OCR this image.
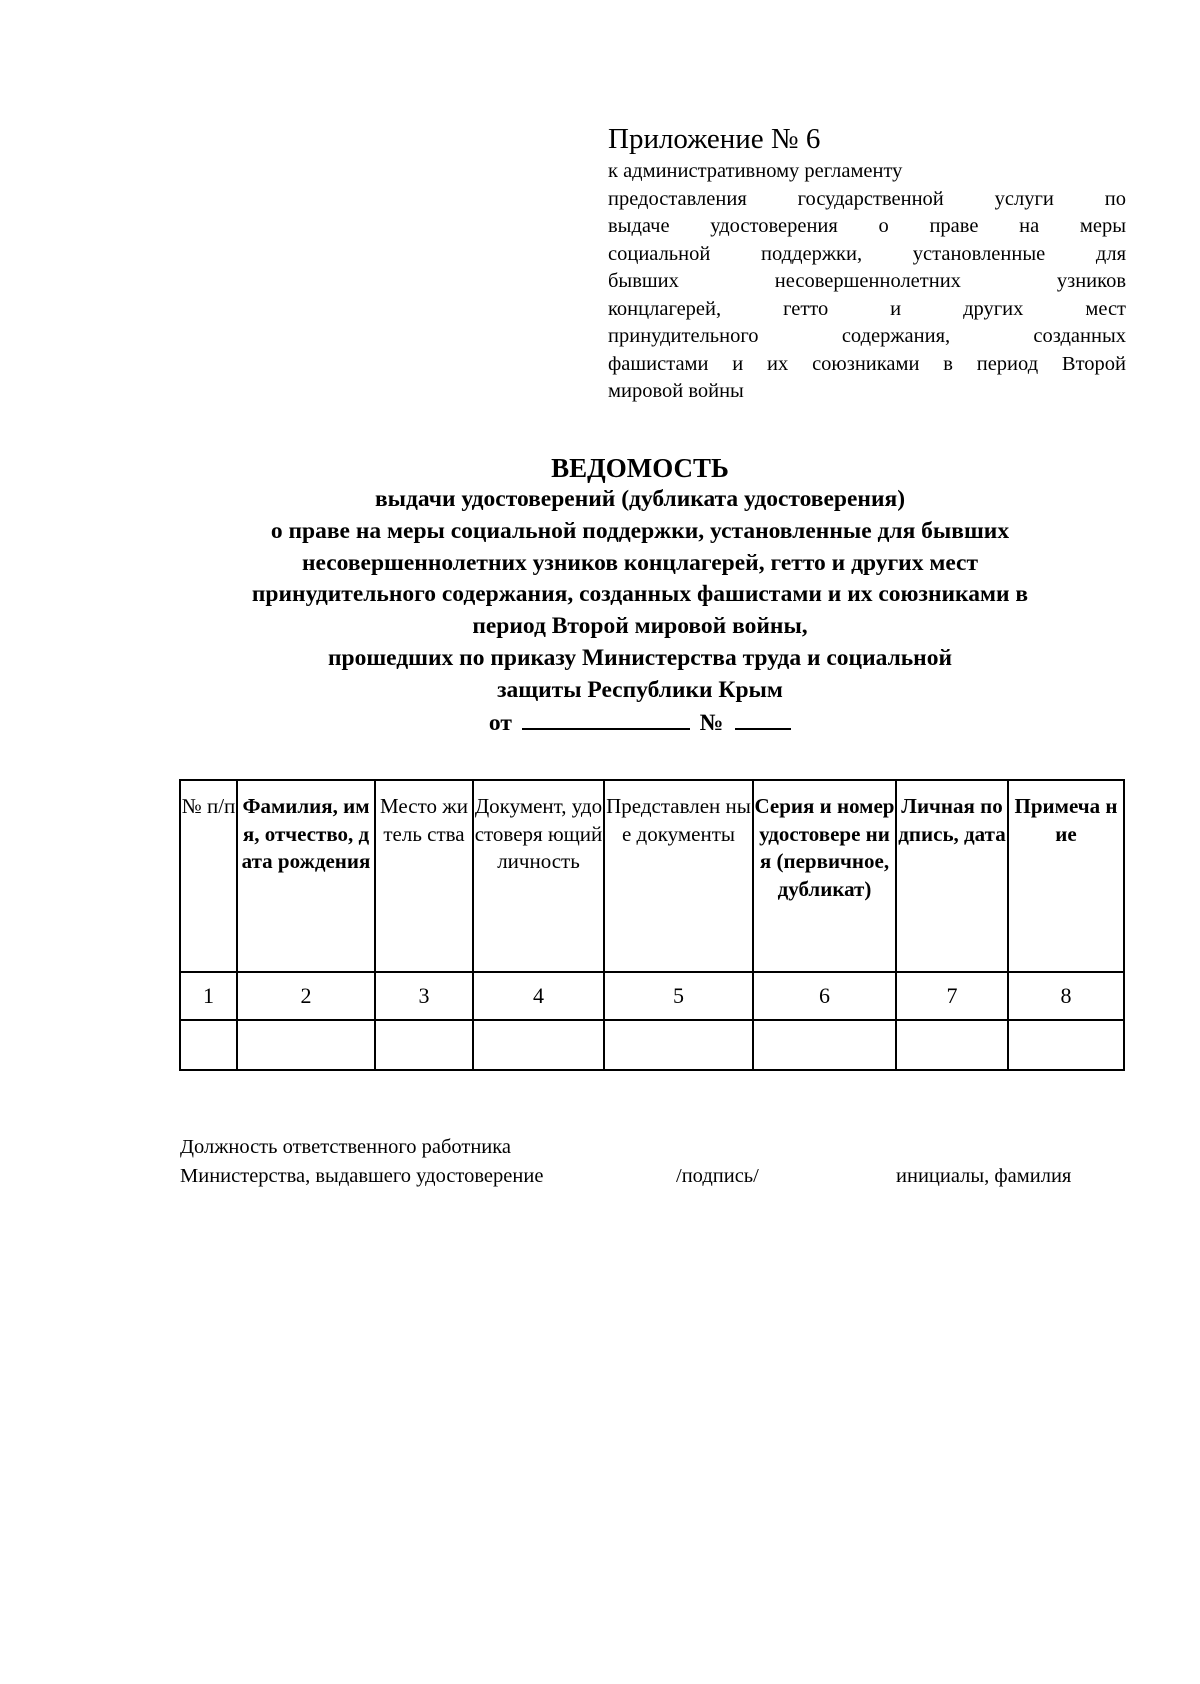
Приложение № 6
к административному регламенту
предоставления государственной услуги по
выдаче удостоверения о праве на меры
социальной поддержки, установленные для
бывших несовершеннолетних узников
концлагерей, гетто и других мест
принудительного содержания, созданных
фашистами и их союзниками в период Второй
мировой войны
ВЕДОМОСТЬ
выдачи удостоверений (дубликата удостоверения)
о праве на меры социальной поддержки, установленные для бывших
несовершеннолетних узников концлагерей, гетто и других мест
принудительного содержания, созданных фашистами и их союзниками в
период Второй мировой войны,
прошедших по приказу Министерства труда и социальной
защиты Республики Крым
от	№
№ п/п	Фамилия, имя, отчество, дата рождения	Место житель ства	Документ, удостоверя ющий личность	Представлен ные документы	Серия и номер удостовере ния (первичное, дубликат)	Личная подпись, дата	Примеча ние
1	2	3	4	5	6	7	8

Должность ответственного работника
Министерства, выдавшего удостоверение	/подпись/	инициалы, фамилия
